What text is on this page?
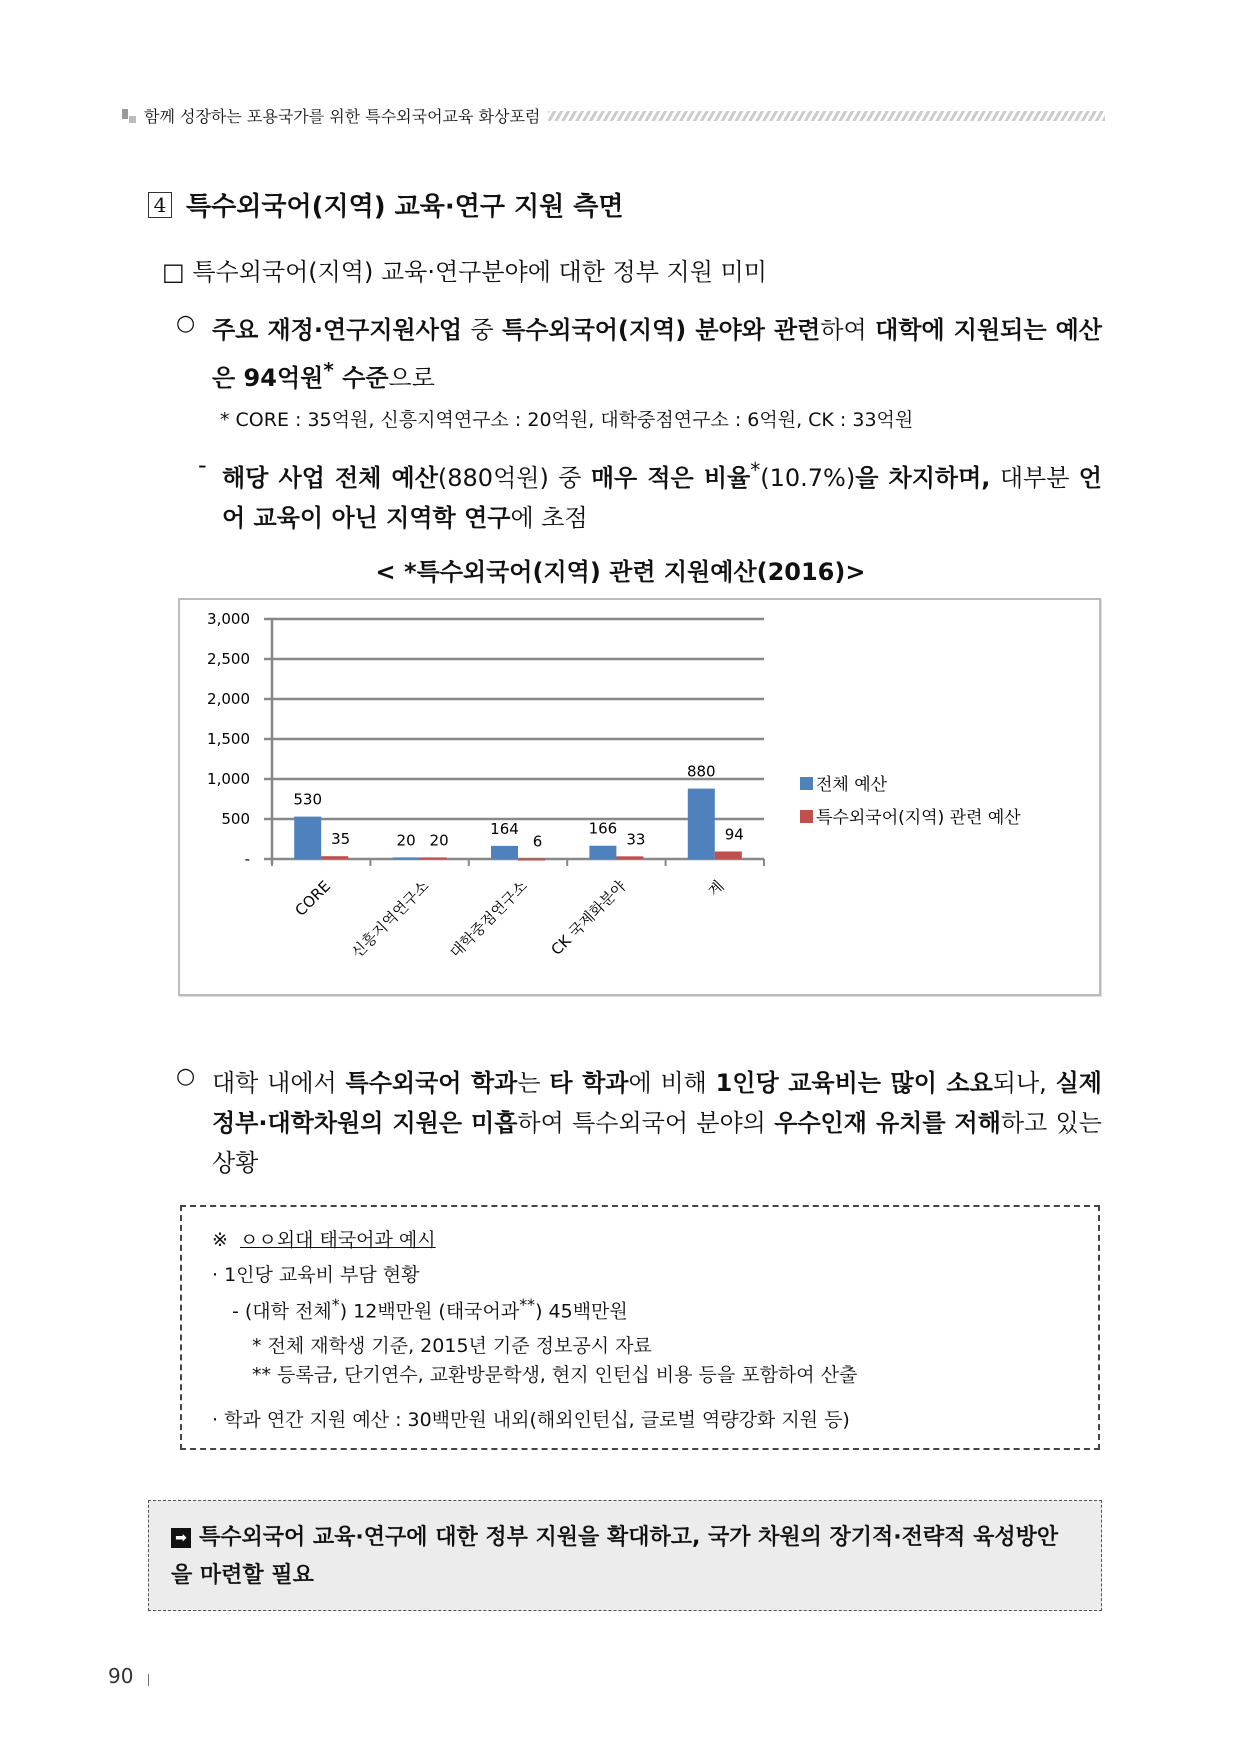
함께 성장하는 포용국가를 위한 특수외국어교육 화상포럼
4 특수외국어(지역) 교육·연구 지원 측면
□ 특수외국어(지역) 교육·연구분야에 대한 정부 지원 미미
○ 주요 재정·연구지원사업 중 특수외국어(지역) 분야와 관련하여 대학에 지원되는 예산은 94억원* 수준으로
* CORE : 35억원, 신흥지역연구소 : 20억원, 대학중점연구소 : 6억원, CK : 33억원
- 해당 사업 전체 예산(880억원) 중 매우 적은 비율*(10.7%)을 차지하며, 대부분 언어 교육이 아닌 지역학 연구에 초점
< *특수외국어(지역) 관련 지원예산(2016)>
-
500
1,000
1,500
2,000
2,500
3,000
530
35
CORE
20 20
신흥지역연구소
164
6
대학중점연구소
166
33
CK 국제화분야
880
94
계
전체 예산
특수외국어(지역) 관련 예산
○ 대학 내에서 특수외국어 학과는 타 학과에 비해 1인당 교육비는 많이 소요되나, 실제 정부·대학차원의 지원은 미흡하여 특수외국어 분야의 우수인재 유치를 저해하고 있는 상황
※ ㅇㅇ외대 태국어과 예시
· 1인당 교육비 부담 현황
- (대학 전체*) 12백만원 (태국어과**) 45백만원
* 전체 재학생 기준, 2015년 기준 정보공시 자료
** 등록금, 단기연수, 교환방문학생, 현지 인턴십 비용 등을 포함하여 산출
· 학과 연간 지원 예산 : 30백만원 내외(해외인턴십, 글로벌 역량강화 지원 등)
➡ 특수외국어 교육·연구에 대한 정부 지원을 확대하고, 국가 차원의 장기적·전략적 육성방안을 마련할 필요
90
